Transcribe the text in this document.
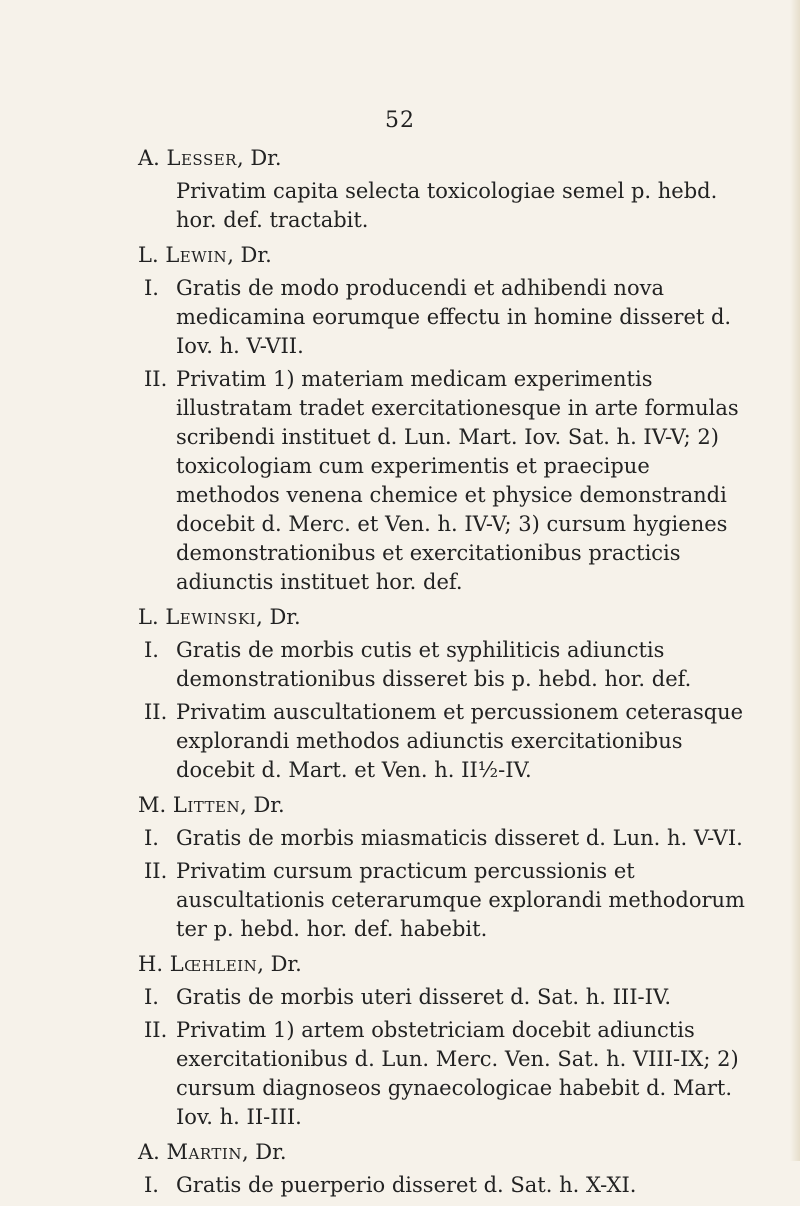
52
A. Lesser, Dr.

Privatim capita selecta toxicologiae semel p. hebd. hor. def. tractabit.

L. Lewin, Dr.
I. Gratis de modo producendi et adhibendi nova medicamina eorumque effectu in homine disseret d. Iov. h. V-VII.
II. Privatim 1) materiam medicam experimentis illustratam tradet exercitationesque in arte formulas scribendi instituet d. Lun. Mart. Iov. Sat. h. IV-V; 2) toxicologiam cum experimentis et praecipue methodos venena chemice et physice demonstrandi docebit d. Merc. et Ven. h. IV-V; 3) cursum hygienes demonstrationibus et exercitationibus practicis adiunctis instituet hor. def.
L. Lewinski, Dr.
I. Gratis de morbis cutis et syphiliticis adiunctis demonstrationibus disseret bis p. hebd. hor. def.
II. Privatim auscultationem et percussionem ceterasque explorandi methodos adiunctis exercitationibus docebit d. Mart. et Ven. h. II½-IV.
M. Litten, Dr.
I. Gratis de morbis miasmaticis disseret d. Lun. h. V-VI.
II. Privatim cursum practicum percussionis et auscultationis ceterarumque explorandi methodorum ter p. hebd. hor. def. habebit.
H. Lœhlein, Dr.
I. Gratis de morbis uteri disseret d. Sat. h. III-IV.
II. Privatim 1) artem obstetriciam docebit adiunctis exercitationibus d. Lun. Merc. Ven. Sat. h. VIII-IX; 2) cursum diagnoseos gynaecologicae habebit d. Mart. Iov. h. II-III.
A. Martin, Dr.
I. Gratis de puerperio disseret d. Sat. h. X-XI.
